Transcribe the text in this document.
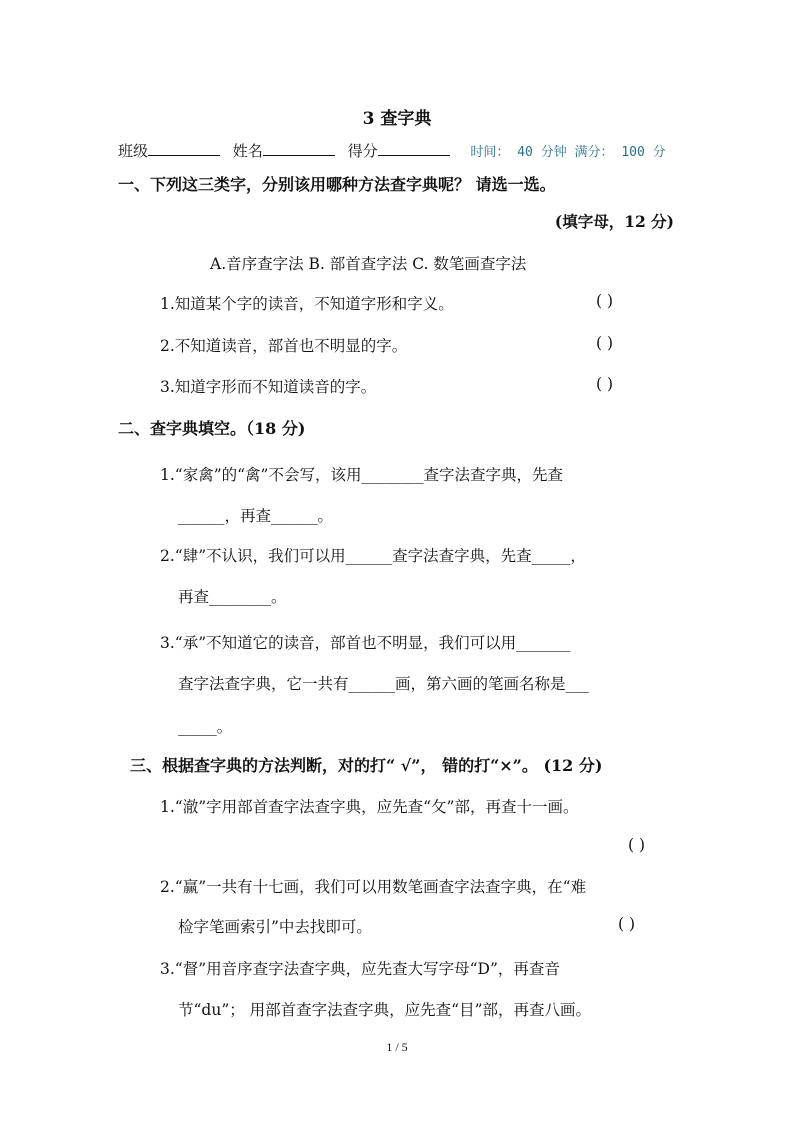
3 查字典
班级	姓名	得分	时间： 40 分钟 满分： 100 分
一、下列这三类字，分别该用哪种方法查字典呢？ 请选一选。
(填字母，12 分)
A.音序查字法 B. 部首查字法 C. 数笔画查字法
1.知道某个字的读音，不知道字形和字义。	( )
2.不知道读音，部首也不明显的字。	( )
3.知道字形而不知道读音的字。	( )
二、查字典填空。（18 分)
1.“家禽”的“禽”不会写，该用________查字法查字典，先查
______，再查______。
2.“肆”不认识，我们可以用______查字法查字典，先查_____，
再查________。
3.“承”不知道它的读音，部首也不明显，我们可以用_______
查字法查字典，它一共有______画，第六画的笔画名称是___
_____。
三、根据查字典的方法判断，对的打“ √”， 错的打“×”。 (12 分)
1.“澈”字用部首查字法查字典，应先查“攵”部，再查十一画。
( )
2.“赢”一共有十七画，我们可以用数笔画查字法查字典，在“难
检字笔画索引”中去找即可。	( )
3.“督”用音序查字法查字典，应先查大写字母“D”，再查音
节“du”； 用部首查字法查字典，应先查“目”部，再查八画。
1 / 5
